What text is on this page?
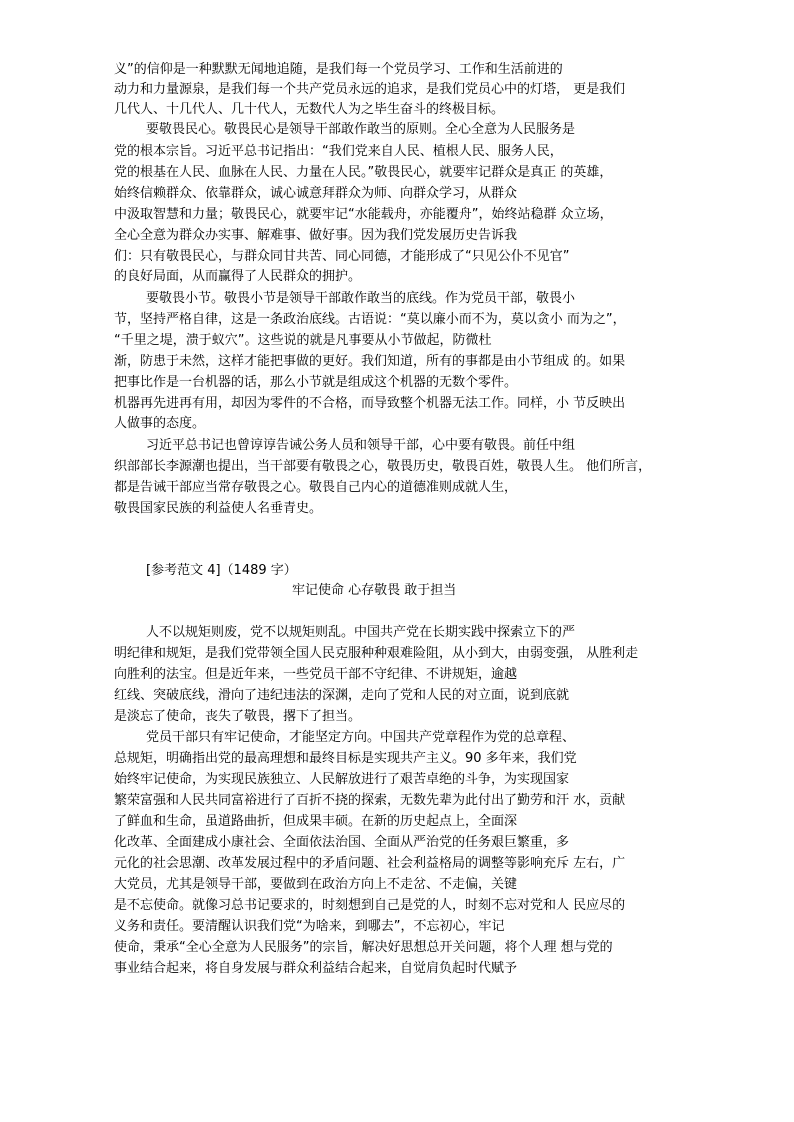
义”的信仰是一种默默无闻地追随，是我们每一个党员学习、工作和生活前进的
动力和力量源泉，是我们每一个共产党员永远的追求，是我们党员心中的灯塔， 更是我们
几代人、十几代人、几十代人，无数代人为之毕生奋斗的终极目标。
要敬畏民心。敬畏民心是领导干部敢作敢当的原则。全心全意为人民服务是
党的根本宗旨。习近平总书记指出：“我们党来自人民、植根人民、服务人民，
党的根基在人民、血脉在人民、力量在人民。”敬畏民心，就要牢记群众是真正 的英雄，
始终信赖群众、依靠群众，诚心诚意拜群众为师、向群众学习，从群众
中汲取智慧和力量；敬畏民心，就要牢记“水能载舟，亦能覆舟”，始终站稳群 众立场，
全心全意为群众办实事、解难事、做好事。因为我们党发展历史告诉我
们：只有敬畏民心，与群众同甘共苦、同心同德，才能形成了“只见公仆不见官”
的良好局面，从而赢得了人民群众的拥护。
要敬畏小节。敬畏小节是领导干部敢作敢当的底线。作为党员干部，敬畏小
节，坚持严格自律，这是一条政治底线。古语说：“莫以廉小而不为，莫以贪小 而为之”，
“千里之堤，溃于蚁穴”。这些说的就是凡事要从小节做起，防微杜
渐，防患于未然，这样才能把事做的更好。我们知道，所有的事都是由小节组成 的。如果
把事比作是一台机器的话，那么小节就是组成这个机器的无数个零件。
机器再先进再有用，却因为零件的不合格，而导致整个机器无法工作。同样，小 节反映出
人做事的态度。
习近平总书记也曾谆谆告诫公务人员和领导干部，心中要有敬畏。前任中组
织部部长李源潮也提出，当干部要有敬畏之心，敬畏历史，敬畏百姓，敬畏人生。 他们所言，
都是告诫干部应当常存敬畏之心。敬畏自己内心的道德准则成就人生，
敬畏国家民族的利益使人名垂青史。
[参考范文 4]（1489 字）
牢记使命 心存敬畏 敢于担当
人不以规矩则废，党不以规矩则乱。中国共产党在长期实践中探索立下的严
明纪律和规矩，是我们党带领全国人民克服种种艰难险阻，从小到大，由弱变强， 从胜利走
向胜利的法宝。但是近年来，一些党员干部不守纪律、不讲规矩，逾越
红线、突破底线，滑向了违纪违法的深渊，走向了党和人民的对立面，说到底就
是淡忘了使命，丧失了敬畏，撂下了担当。
党员干部只有牢记使命，才能坚定方向。中国共产党章程作为党的总章程、
总规矩，明确指出党的最高理想和最终目标是实现共产主义。90 多年来，我们党
始终牢记使命，为实现民族独立、人民解放进行了艰苦卓绝的斗争，为实现国家
繁荣富强和人民共同富裕进行了百折不挠的探索，无数先辈为此付出了勤劳和汗 水，贡献
了鲜血和生命，虽道路曲折，但成果丰硕。在新的历史起点上，全面深
化改革、全面建成小康社会、全面依法治国、全面从严治党的任务艰巨繁重，多
元化的社会思潮、改革发展过程中的矛盾问题、社会利益格局的调整等影响充斥 左右，广
大党员，尤其是领导干部，要做到在政治方向上不走岔、不走偏，关键
是不忘使命。就像习总书记要求的，时刻想到自己是党的人，时刻不忘对党和人 民应尽的
义务和责任。要清醒认识我们党“为啥来，到哪去”，不忘初心，牢记
使命，秉承“全心全意为人民服务”的宗旨，解决好思想总开关问题，将个人理 想与党的
事业结合起来，将自身发展与群众利益结合起来，自觉肩负起时代赋予
